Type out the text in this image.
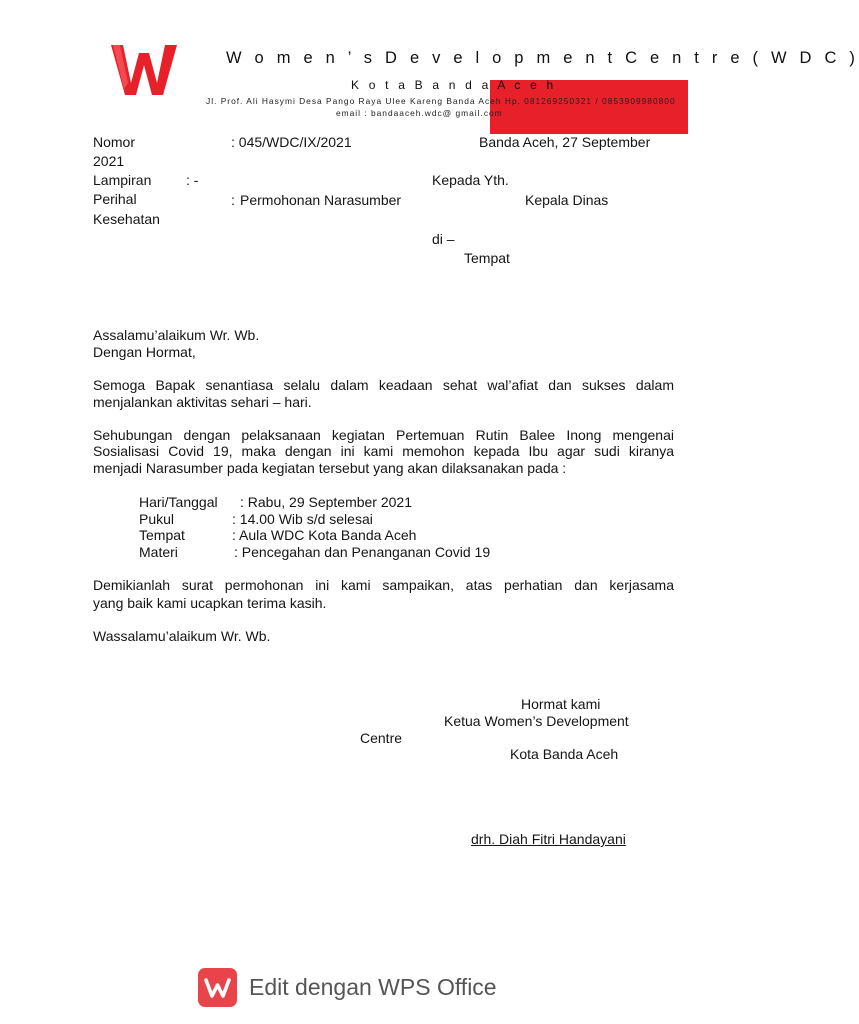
W o m e n ’ s D e v e l o p m e n t C e n t r e ( W D C )
K o t a B a n d a A c e h
Jl. Prof. Ali Hasymi Desa Pango Raya Ulee Kareng Banda Aceh Hp. 081269250321 / 0853909980800
email : bandaaceh.wdc@ gmail.com
Nomor	: 045/WDC/IX/2021	Banda Aceh, 27 September
2021
Lampiran : -	Kepada Yth.
Perihal	: Permohonan Narasumber	Kepala Dinas
Kesehatan
di –
Tempat
Assalamu’alaikum Wr. Wb.
Dengan Hormat,
Semoga Bapak senantiasa selalu dalam keadaan sehat wal’afiat dan sukses dalam
menjalankan aktivitas sehari – hari.
Sehubungan dengan pelaksanaan kegiatan Pertemuan Rutin Balee Inong mengenai
Sosialisasi Covid 19, maka dengan ini kami memohon kepada Ibu agar sudi kiranya
menjadi Narasumber pada kegiatan tersebut yang akan dilaksanakan pada :
Hari/Tanggal : Rabu, 29 September 2021
Pukul	: 14.00 Wib s/d selesai
Tempat	: Aula WDC Kota Banda Aceh
Materi	: Pencegahan dan Penanganan Covid 19
Demikianlah surat permohonan ini kami sampaikan, atas perhatian dan kerjasama
yang baik kami ucapkan terima kasih.
Wassalamu’alaikum Wr. Wb.
Hormat kami
Ketua Women’s Development
Centre
Kota Banda Aceh
drh. Diah Fitri Handayani
Edit dengan WPS Office
